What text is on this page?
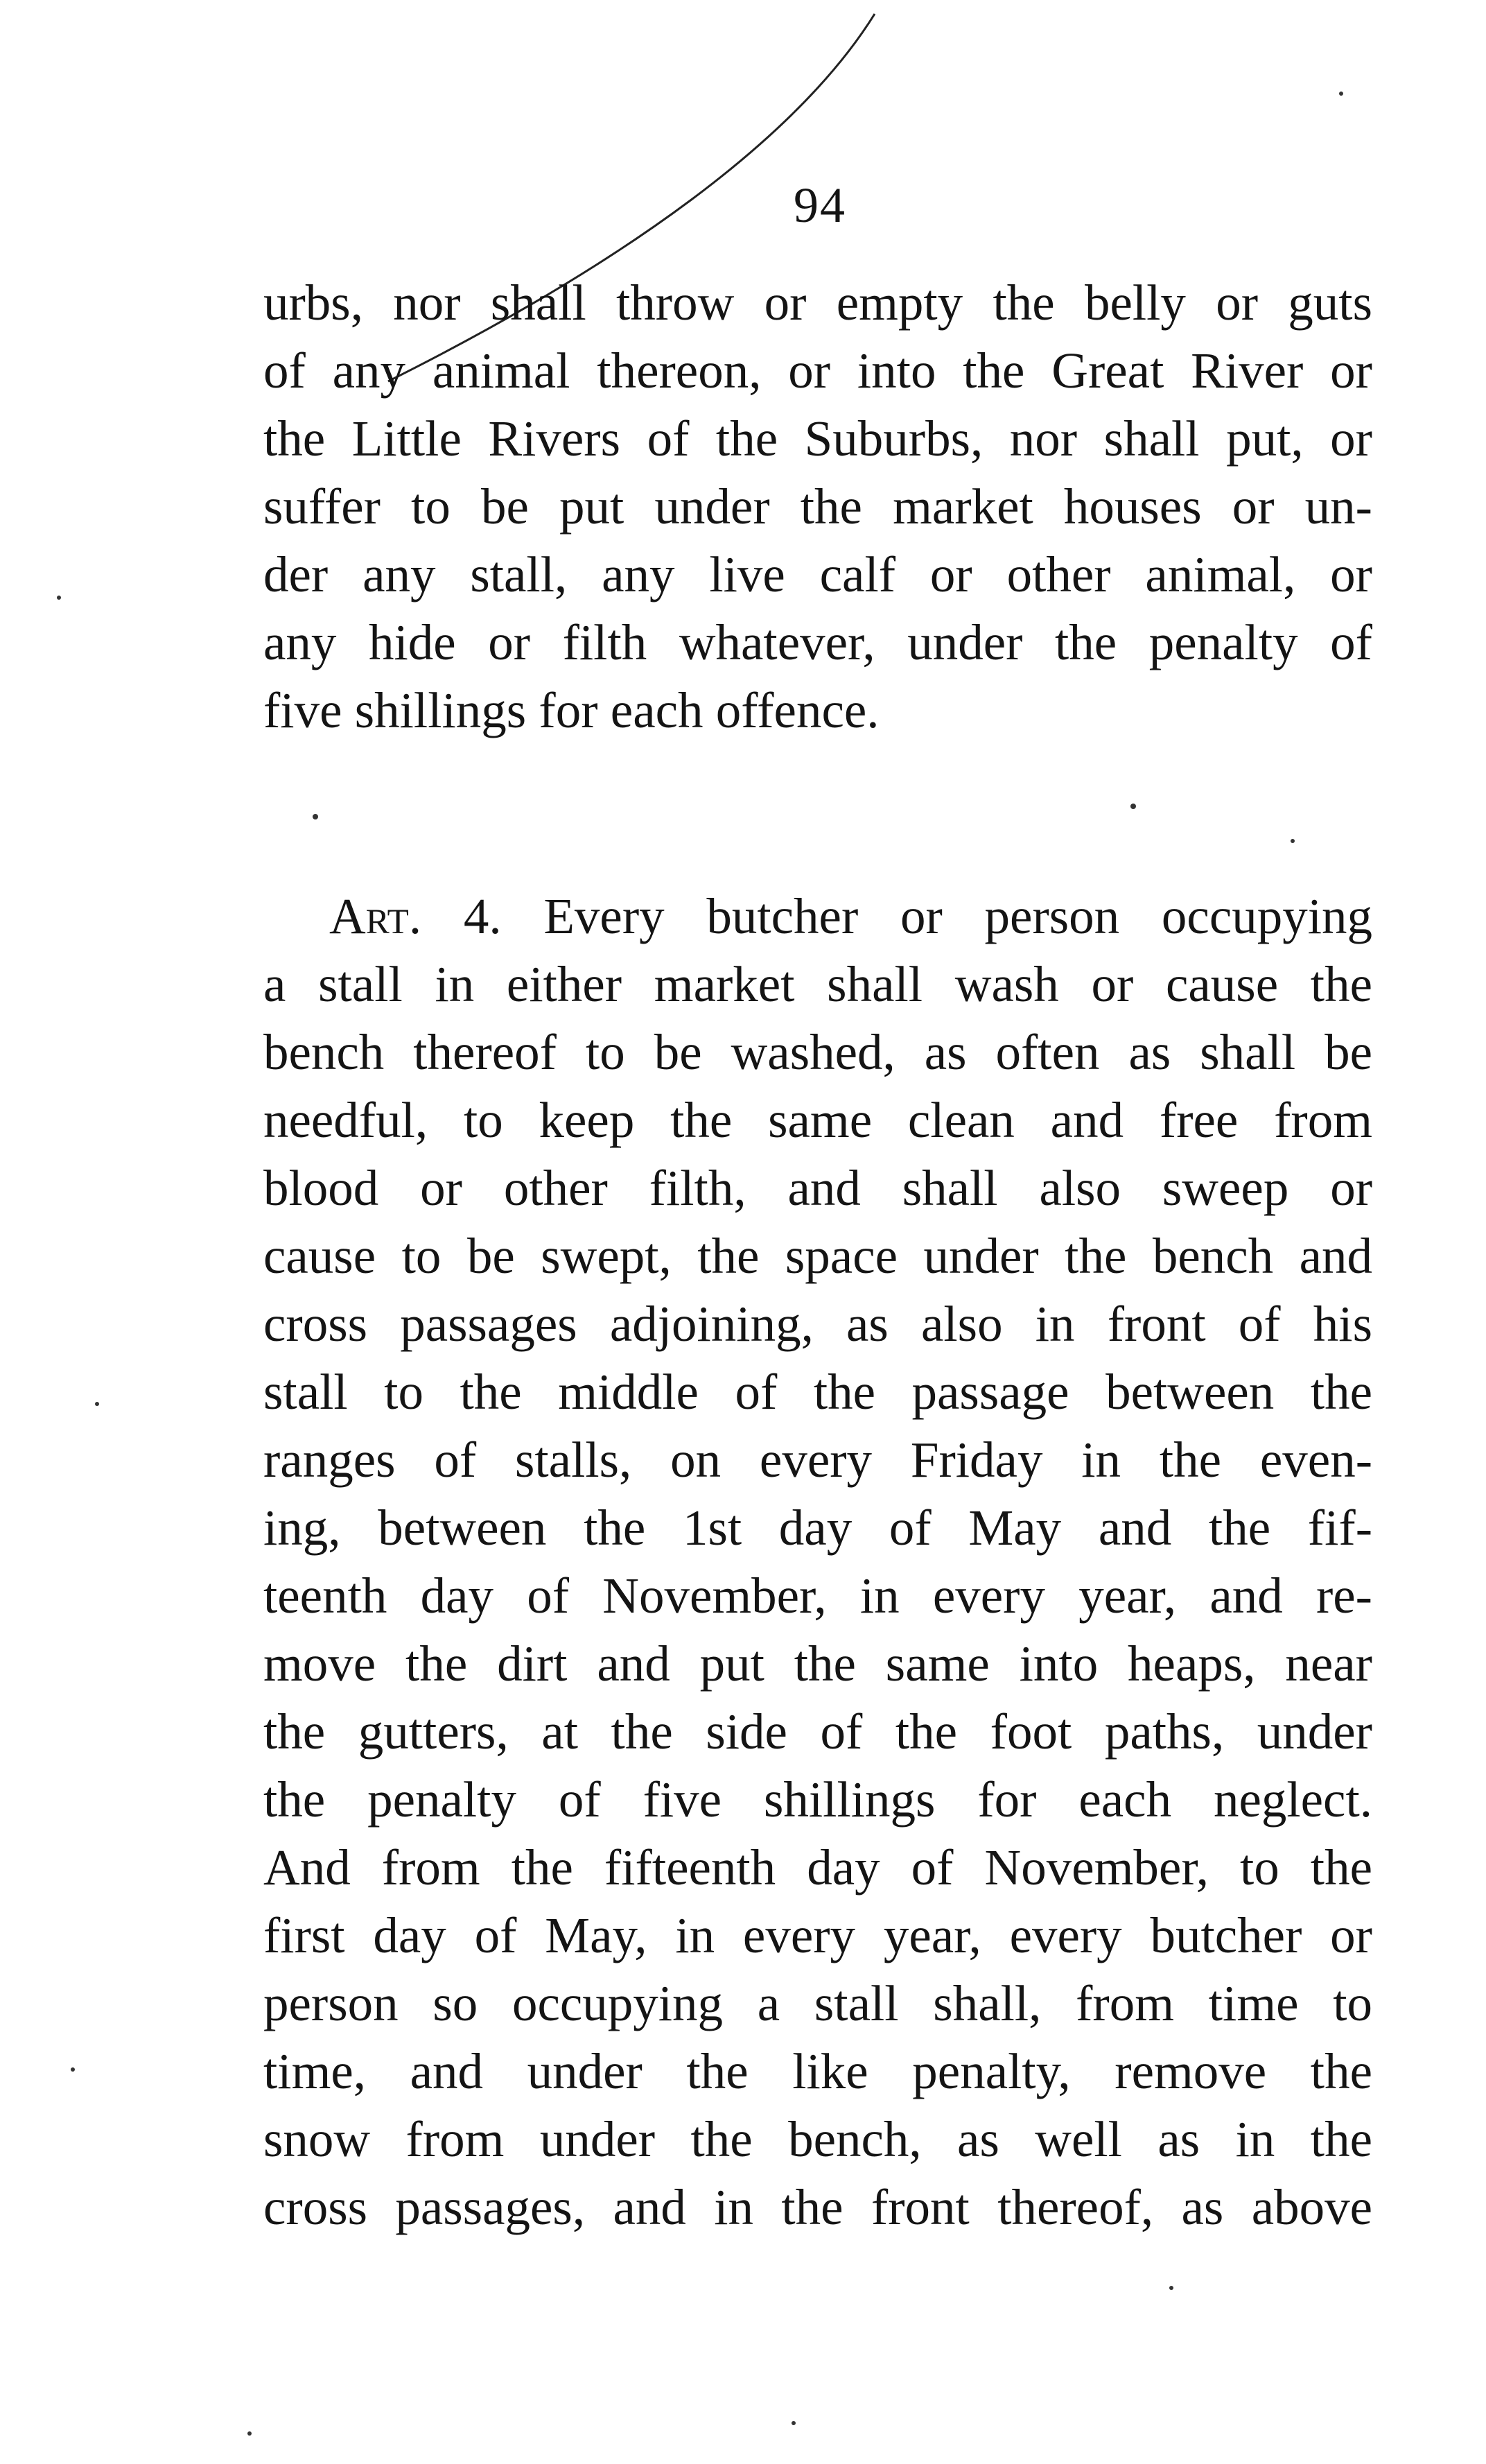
94
urbs, nor shall throw or empty the belly or guts
of any animal thereon, or into the Great River or
the Little Rivers of the Suburbs, nor shall put, or
suffer to be put under the market houses or un-
der any stall, any live calf or other animal, or
any hide or filth whatever, under the penalty of
five shillings for each offence.
Art. 4. Every butcher or person occupying
a stall in either market shall wash or cause the
bench thereof to be washed, as often as shall be
needful, to keep the same clean and free from
blood or other filth, and shall also sweep or
cause to be swept, the space under the bench and
cross passages adjoining, as also in front of his
stall to the middle of the passage between the
ranges of stalls, on every Friday in the even-
ing, between the 1st day of May and the fif-
teenth day of November, in every year, and re-
move the dirt and put the same into heaps, near
the gutters, at the side of the foot paths, under
the penalty of five shillings for each neglect.
And from the fifteenth day of November, to the
first day of May, in every year, every butcher or
person so occupying a stall shall, from time to
time, and under the like penalty, remove the
snow from under the bench, as well as in the
cross passages, and in the front thereof, as above
